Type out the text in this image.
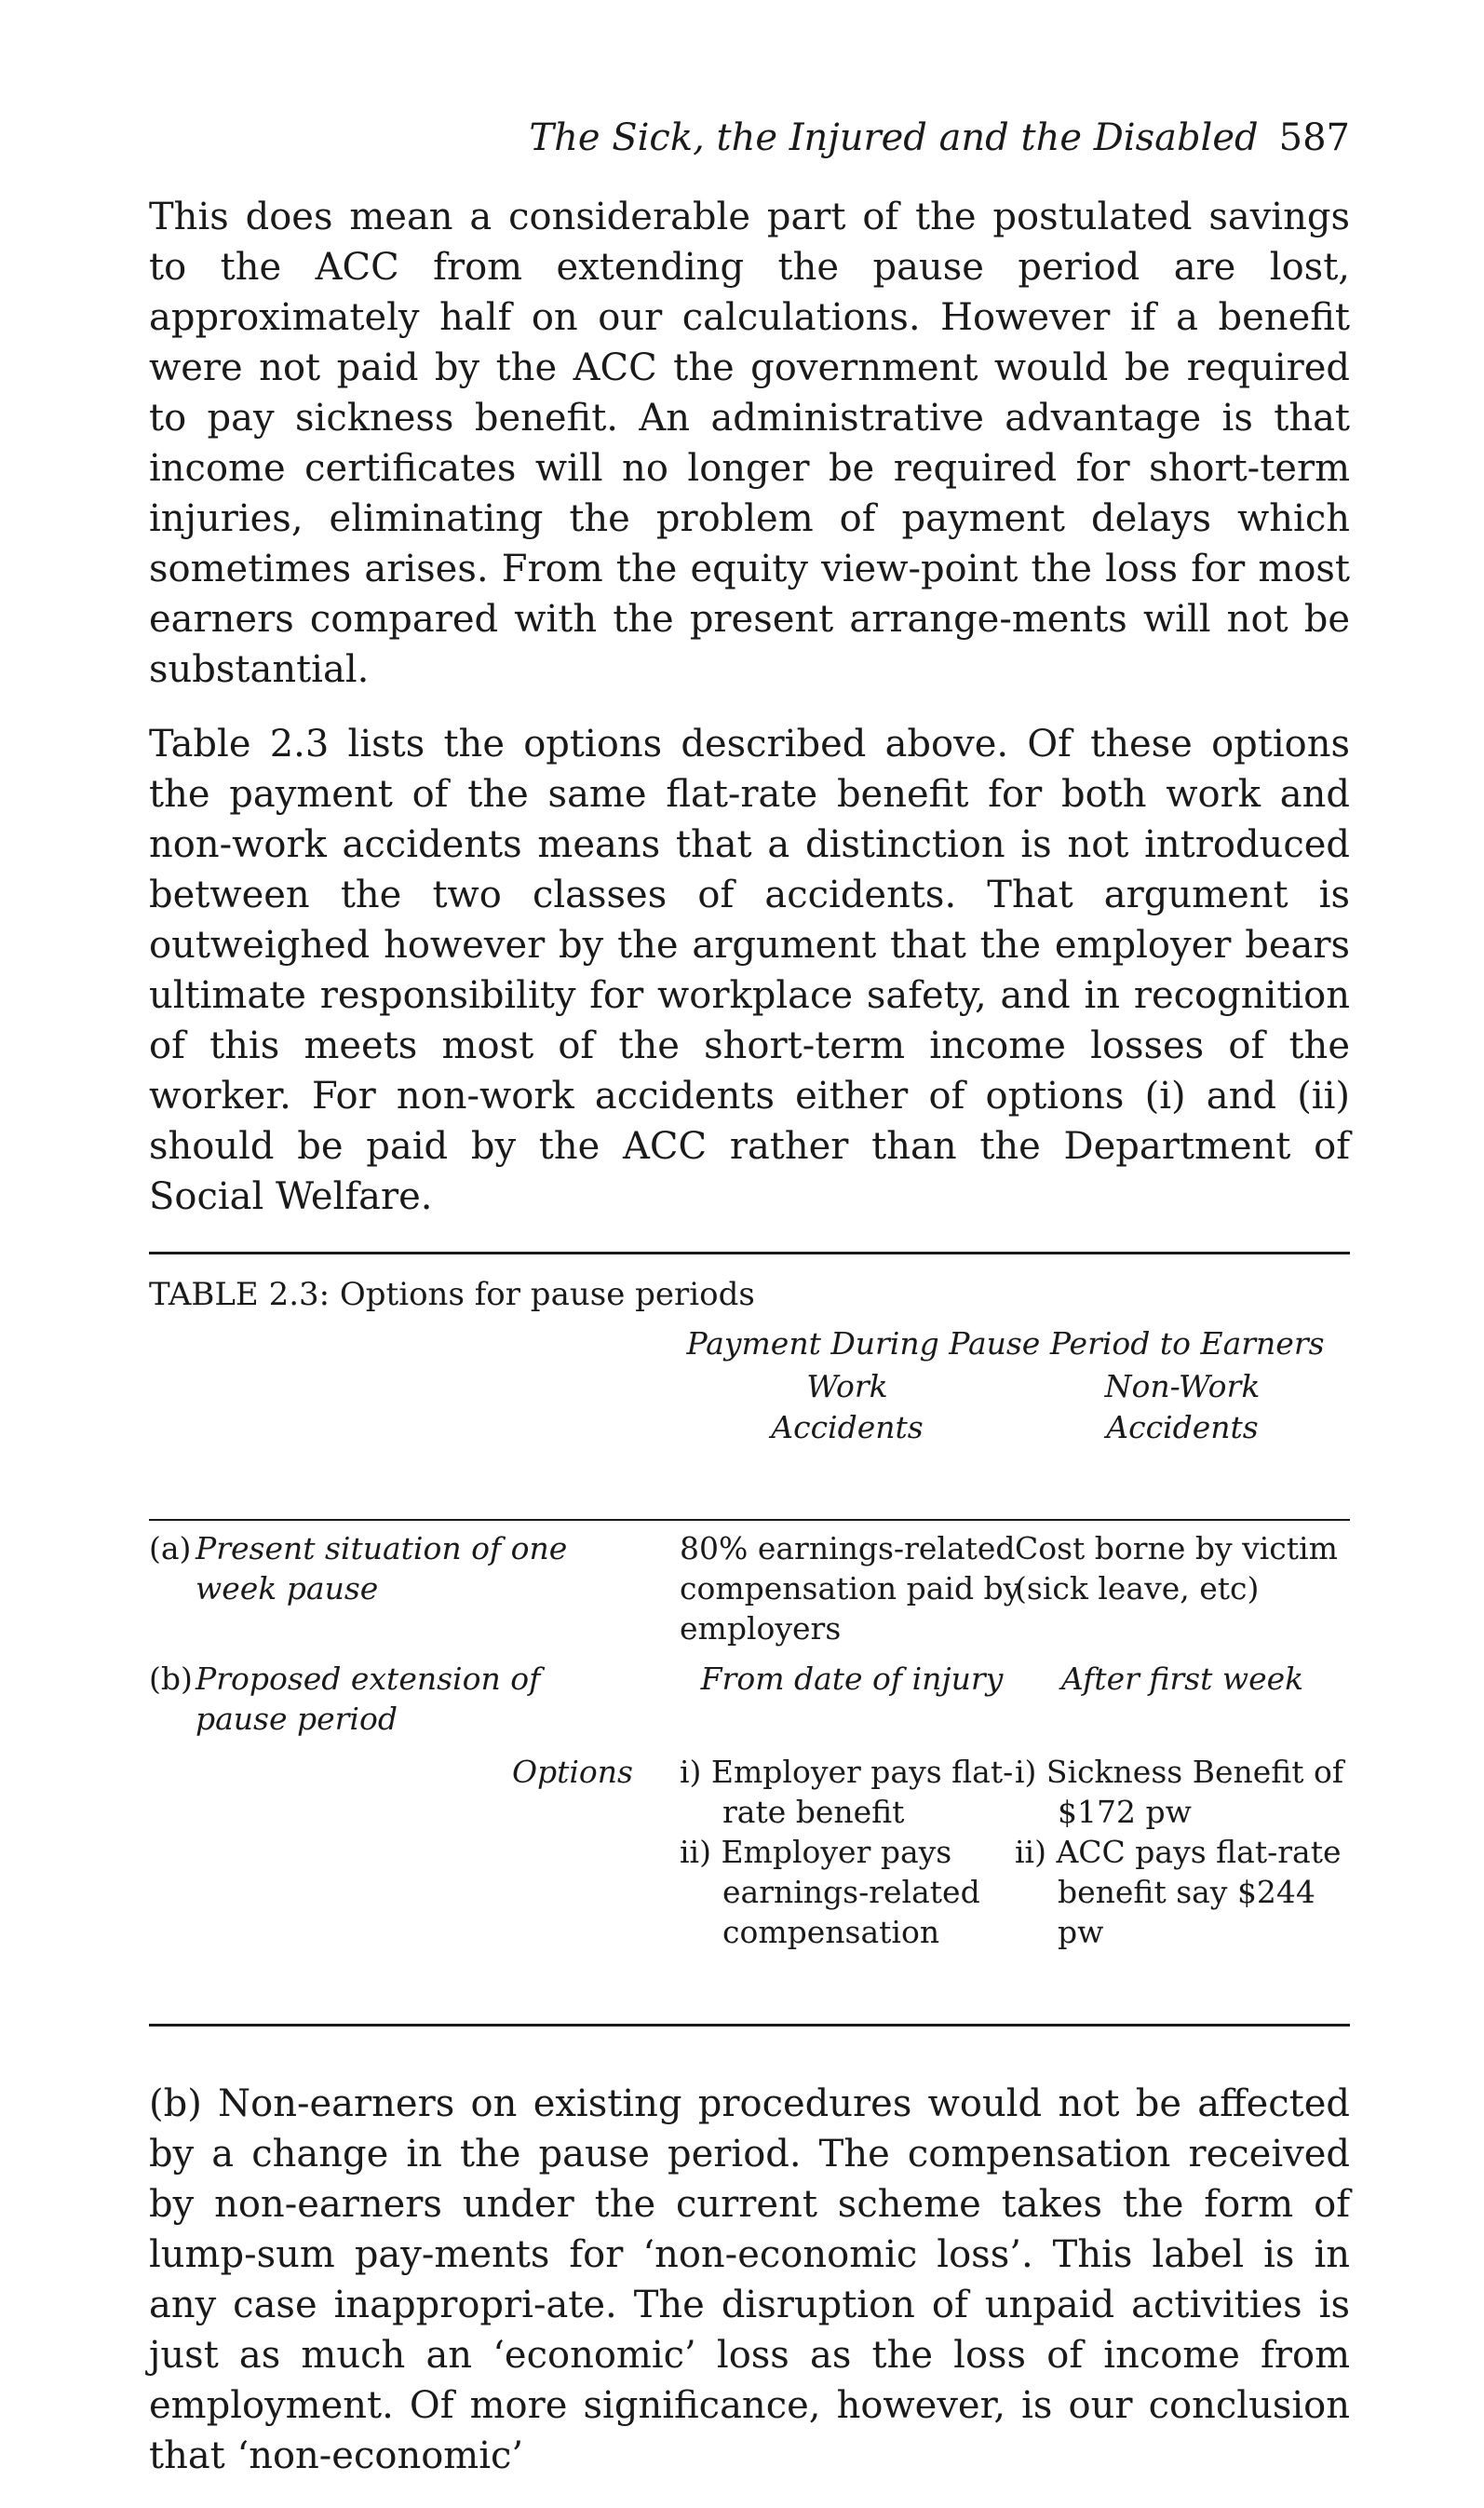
The Sick, the Injured and the Disabled 587

This does mean a considerable part of the postulated savings to the ACC from extending the pause period are lost, approximately half on our calculations. However if a benefit were not paid by the ACC the government would be required to pay sickness benefit. An administrative advantage is that income certificates will no longer be required for short-term injuries, eliminating the problem of payment delays which sometimes arises. From the equity view-point the loss for most earners compared with the present arrange-ments will not be substantial.

Table 2.3 lists the options described above. Of these options the payment of the same flat-rate benefit for both work and non-work accidents means that a distinction is not introduced between the two classes of accidents. That argument is outweighed however by the argument that the employer bears ultimate responsibility for workplace safety, and in recognition of this meets most of the short-term income losses of the worker. For non-work accidents either of options (i) and (ii) should be paid by the ACC rather than the Department of Social Welfare.

TABLE 2.3: Options for pause periods
Payment During Pause Period to Earners
Work
Accidents
Non-Work
Accidents
(a) Present situation of one week pause
80% earnings-related compensation paid by employers
Cost borne by victim (sick leave, etc)
(b) Proposed extension of pause period
From date of injury	After first week
Options i) Employer pays flat-rate benefit
ii) Employer pays earnings-related compensation
i) Sickness Benefit of $172 pw
ii) ACC pays flat-rate benefit say $244 pw

(b) Non-earners on existing procedures would not be affected by a change in the pause period. The compensation received by non-earners under the current scheme takes the form of lump-sum pay-ments for ‘non-economic loss’. This label is in any case inappropri-ate. The disruption of unpaid activities is just as much an ‘economic’ loss as the loss of income from employment. Of more significance, however, is our conclusion that ‘non-economic’
